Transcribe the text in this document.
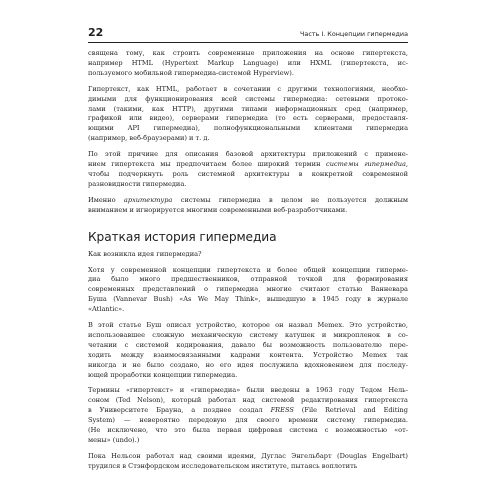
22	Часть I. Концепции гипермедиа
священа тому, как строить современные приложения на основе гипертекста,
например HTML (Hypertext Markup Language) или HXML (гипертекста, ис-
пользуемого мобильной гипермедиа-системой Hyperview).
Гипертекст, как HTML, работает в сочетании с другими технологиями, необхо-
димыми для функционирования всей системы гипермедиа: сетевыми протоко-
лами (такими, как HTTP), другими типами информационных сред (например,
графикой или видео), серверами гипермедиа (то есть серверами, предоставля-
ющими API гипермедиа), полнофункциональными клиентами гипермедиа
(например, веб-браузерами) и т. д.
По этой причине для описания базовой архитектуры приложений с примене-
нием гипертекста мы предпочитаем более широкий термин системы гипермедиа,
чтобы подчеркнуть роль системной архитектуры в конкретной современной
разновидности гипермедиа.
Именно архитектура системы гипермедиа в целом не пользуется должным
вниманием и игнорируется многими современными веб-разработчиками.
Краткая история гипермедиа
Как возникла идея гипермедиа?
Хотя у современной концепции гипертекста и более общей концепции гиперме-
диа было много предшественников, отправной точкой для формирования
современных представлений о гипермедиа многие считают статью Ванневара
Буша (Vannevar Bush) «As We May Think», вышедшую в 1945 году в журнале
«Atlantic».
В этой статье Буш описал устройство, которое он назвал Memex. Это устройство,
использовавшее сложную механическую систему катушек и микропленок в со-
четании с системой кодирования, давало бы возможность пользователю пере-
ходить между взаимосвязанными кадрами контента. Устройство Memex так
никогда и не было создано, но его идея послужила вдохновением для последу-
ющей проработки концепции гипермедиа.
Термины «гипертекст» и «гипермедиа» были введены в 1963 году Тедом Нель-
соном (Ted Nelson), который работал над системой редактирования гипертекста
в Университете Брауна, а позднее создал FRESS (File Retrieval and Editing
System) — невероятно передовую для своего времени систему гипермедиа.
(Не исключено, что это была первая цифровая система с возможностью «от-
мены» (undo).)
Пока Нельсон работал над своими идеями, Дуглас Энгельбарт (Douglas Engelbart)
трудился в Стэнфордском исследовательском институте, пытаясь воплотить
